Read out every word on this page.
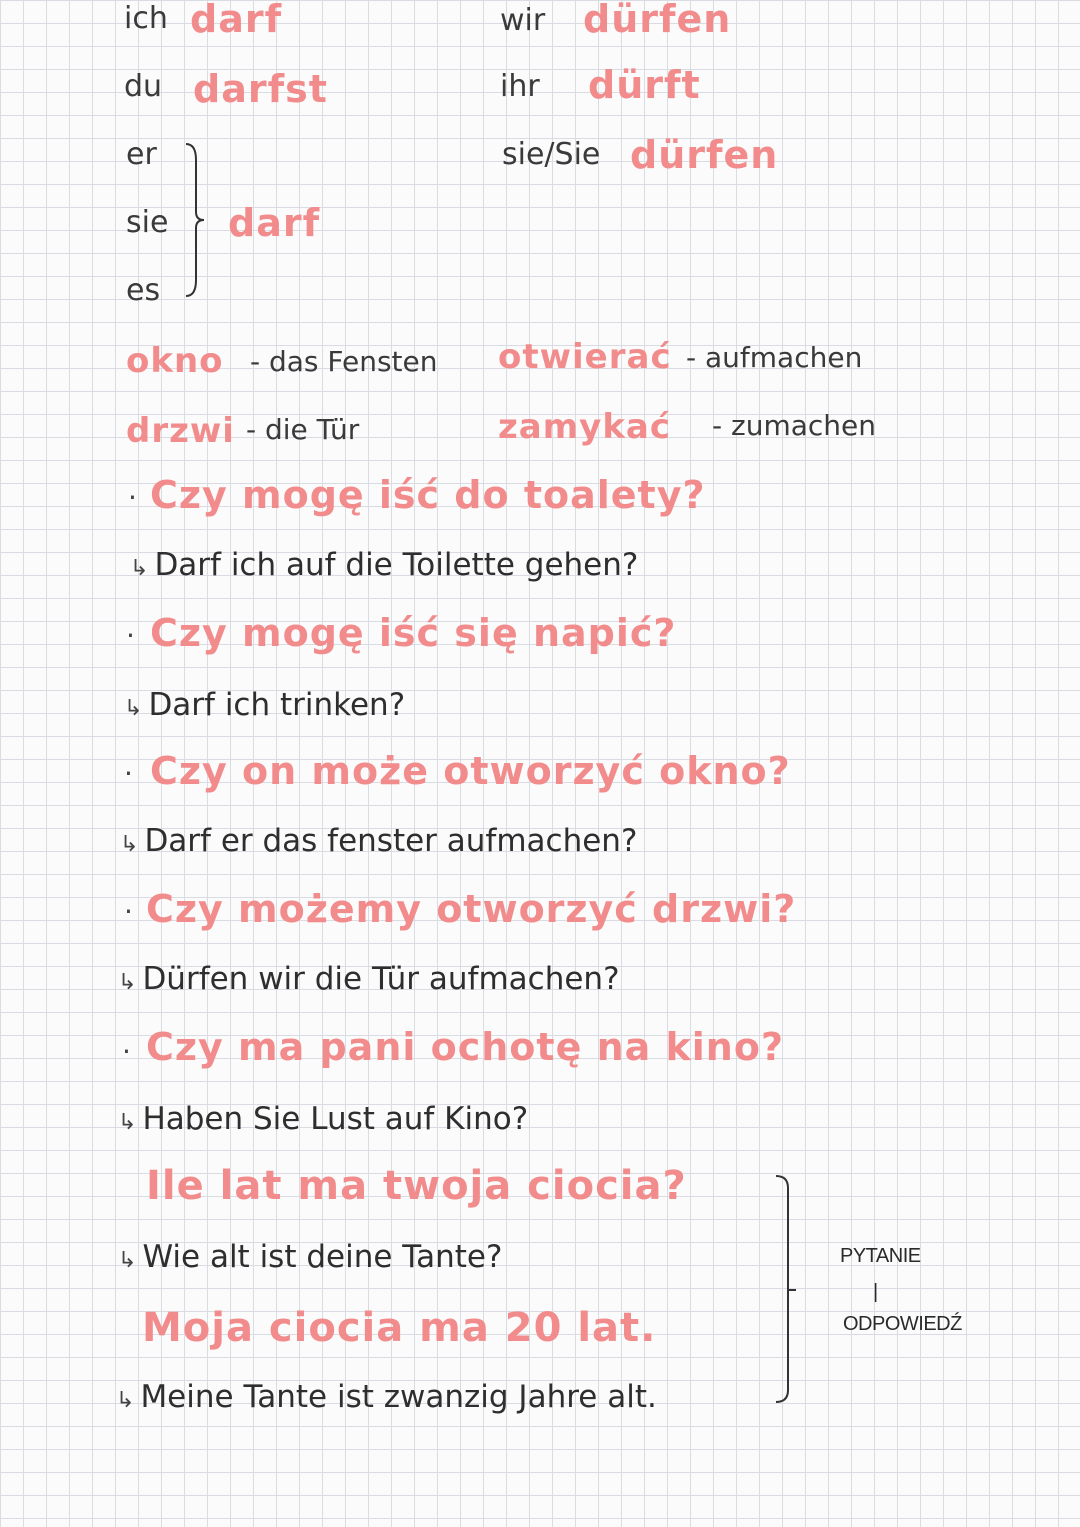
ich darf
du darfst
er
sie
es
darf
wir dürfen
ihr dürft
sie/Sie dürfen
okno - das Fensten
drzwi - die Tür
otwierać - aufmachen
zamykać - zumachen
· Czy mogę iść do toalety?
↳ Darf ich auf die Toilette gehen?
· Czy mogę iść się napić?
↳ Darf ich trinken?
· Czy on może otworzyć okno?
↳ Darf er das fenster aufmachen?
· Czy możemy otworzyć drzwi?
↳ Dürfen wir die Tür aufmachen?
· Czy ma pani ochotę na kino?
↳ Haben Sie Lust auf Kino?
Ile lat ma twoja ciocia?
↳ Wie alt ist deine Tante?
Moja ciocia ma 20 lat.
↳ Meine Tante ist zwanzig Jahre alt.
PYTANIE
|
ODPOWIEDŹ
